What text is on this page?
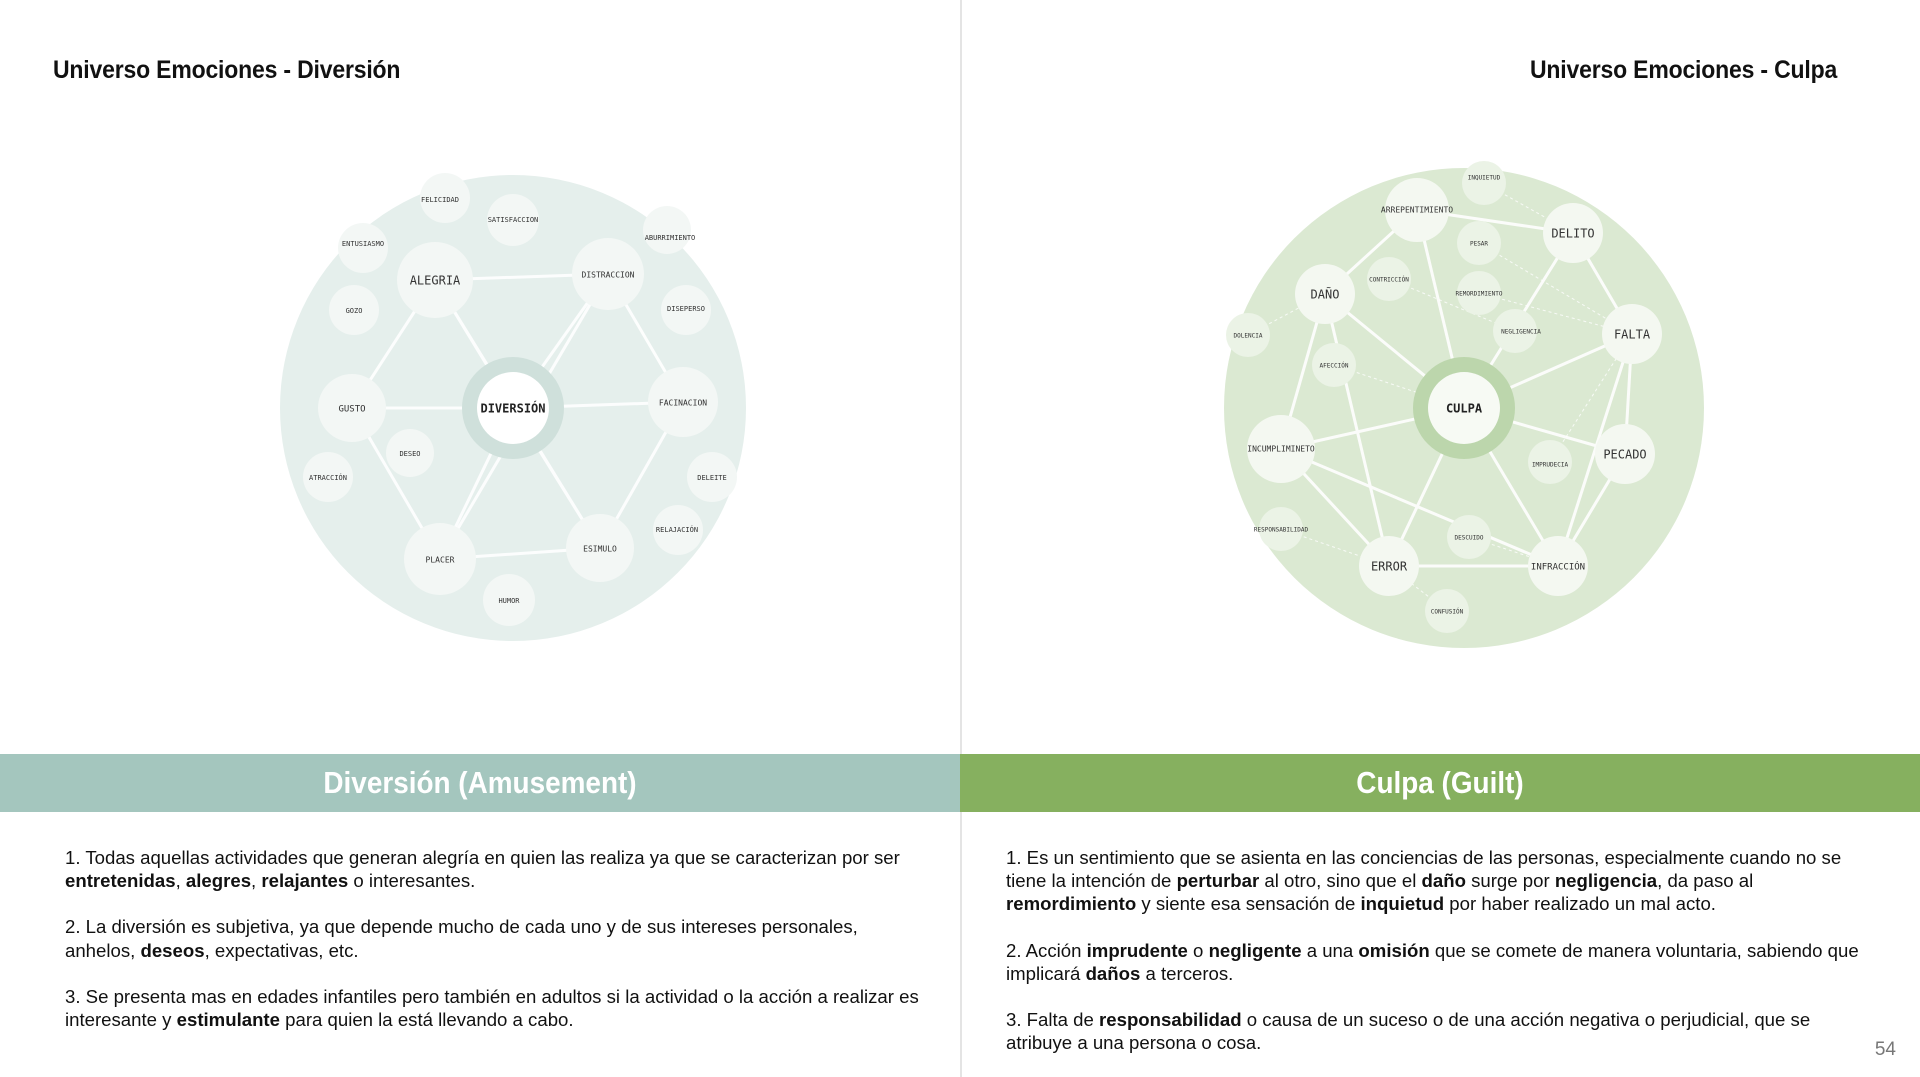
Universo Emociones - Diversión	Universo Emociones - Culpa
DIVERSIÓN
ALEGRIA	DISTRACCION
FACINACION
ESIMULO
PLACER
GUSTO
FELICIDAD
SATISFACCION
ABURRIMIENTO
ENTUSIASMO
GOZO	DISEPERSO
DESEO
ATRACCIÓN	DELEITE
RELAJACIÓN
HUMOR
CULPA
DELITO
FALTA
PECADO
INFRACCIÓN
ERROR
DAÑO
ARREPENTIMIENTO
INCUMPLIMINETO
INQUIETUD
PESAR
CONTRICCIÓN
REMORDIMIENTO
NEGLIGENCIA
DOLENCIA
AFECCIÓN
IMPRUDECIA
RESPONSABILIDAD
DESCUIDO
CONFUSIÓN
Diversión (Amusement)	Culpa (Guilt)

1. Todas aquellas actividades que generan alegría en quien las realiza ya que se caracterizan por ser entretenidas, alegres, relajantes o interesantes.

2. La diversión es subjetiva, ya que depende mucho de cada uno y de sus intereses personales, anhelos, deseos, expectativas, etc.

3. Se presenta mas en edades infantiles pero también en adultos si la actividad o la acción a realizar es interesante y estimulante para quien la está llevando a cabo.

1. Es un sentimiento que se asienta en las conciencias de las personas, especialmente cuando no se tiene la intención de perturbar al otro, sino que el daño surge por negligencia, da paso al remordimiento y siente esa sensación de inquietud por haber realizado un mal acto.

2. Acción imprudente o negligente a una omisión que se comete de manera voluntaria, sabiendo que implicará daños a terceros.

3. Falta de responsabilidad o causa de un suceso o de una acción negativa o perjudicial, que se atribuye a una persona o cosa.	54
